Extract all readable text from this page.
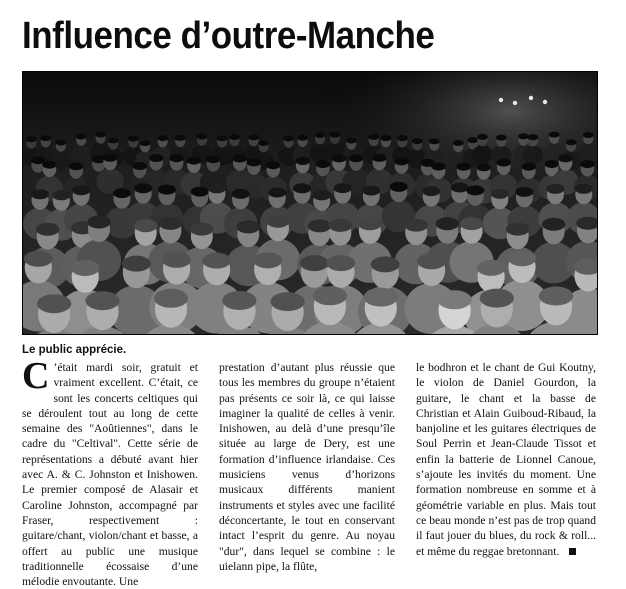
Influence d’outre-Manche
Le public apprécie.
C ’était mardi soir, gratuit et vraiment excellent. C’était, ce sont les concerts celtiques qui se déroulent tout au long de cette semaine des "Aoûtiennes", dans le cadre du "Celtival". Cette série de représentations a débuté avant hier avec A. & C. Johnston et Inishowen. Le premier composé de Alasair et Caroline Johnston, accompagné par Fraser, respectivement : guitare/chant, violon/chant et basse, a offert au public une musique traditionnelle écossaise d’une mélodie envoutante. Une
prestation d’autant plus réussie que tous les membres du groupe n’étaient pas présents ce soir là, ce qui laisse imaginer la qualité de celles à venir. Inishowen, au delà d’une presqu’île située au large de Dery, est une formation d’influence irlandaise. Ces musiciens venus d’horizons musicaux différents manient instruments et styles avec une facilité déconcertante, le tout en conservant intact l’esprit du genre. Au noyau "dur", dans lequel se combine : le uielann pipe, la flûte,
le bodhron et le chant de Gui Koutny, le violon de Daniel Gourdon, la guitare, le chant et la basse de Christian et Alain Guiboud-Ribaud, la banjoline et les guitares électriques de Soul Perrin et Jean-Claude Tissot et enfin la batterie de Lionnel Canoue, s’ajoute les invités du moment. Une formation nombreuse en somme et à géométrie variable en plus. Mais tout ce beau monde n’est pas de trop quand il faut jouer du blues, du rock & roll... et même du reggae bretonnant.
